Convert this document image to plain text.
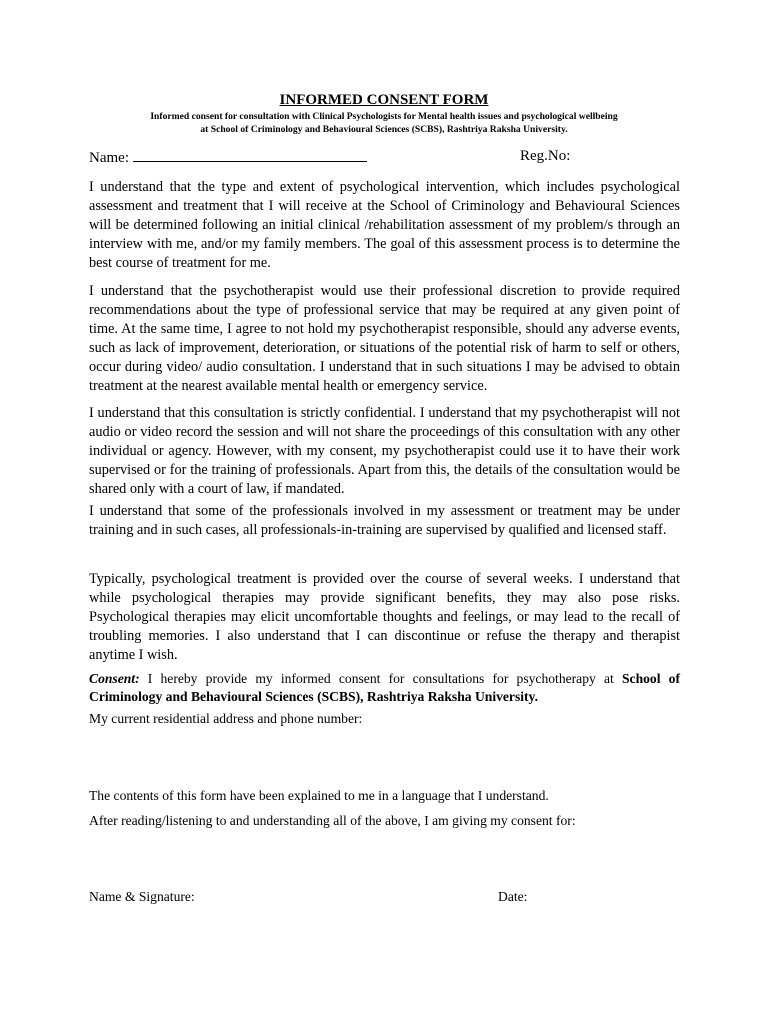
INFORMED CONSENT FORM
Informed consent for consultation with Clinical Psychologists for Mental health issues and psychological wellbeing
at School of Criminology and Behavioural Sciences (SCBS), Rashtriya Raksha University.
Name:	Reg.No:

I understand that the type and extent of psychological intervention, which includes psychological assessment and treatment that I will receive at the School of Criminology and Behavioural Sciences will be determined following an initial clinical /rehabilitation assessment of my problem/s through an interview with me, and/or my family members. The goal of this assessment process is to determine the best course of treatment for me.

I understand that the psychotherapist would use their professional discretion to provide required recommendations about the type of professional service that may be required at any given point of time. At the same time, I agree to not hold my psychotherapist responsible, should any adverse events, such as lack of improvement, deterioration, or situations of the potential risk of harm to self or others, occur during video/ audio consultation. I understand that in such situations I may be advised to obtain treatment at the nearest available mental health or emergency service.

I understand that this consultation is strictly confidential. I understand that my psychotherapist will not audio or video record the session and will not share the proceedings of this consultation with any other individual or agency. However, with my consent, my psychotherapist could use it to have their work supervised or for the training of professionals. Apart from this, the details of the consultation would be shared only with a court of law, if mandated.

I understand that some of the professionals involved in my assessment or treatment may be under training and in such cases, all professionals-in-training are supervised by qualified and licensed staff.

Typically, psychological treatment is provided over the course of several weeks. I understand that while psychological therapies may provide significant benefits, they may also pose risks. Psychological therapies may elicit uncomfortable thoughts and feelings, or may lead to the recall of troubling memories. I also understand that I can discontinue or refuse the therapy and therapist anytime I wish.

Consent: I hereby provide my informed consent for consultations for psychotherapy at School of Criminology and Behavioural Sciences (SCBS), Rashtriya Raksha University.

My current residential address and phone number:
The contents of this form have been explained to me in a language that I understand.
After reading/listening to and understanding all of the above, I am giving my consent for:
Name & Signature:	Date:
